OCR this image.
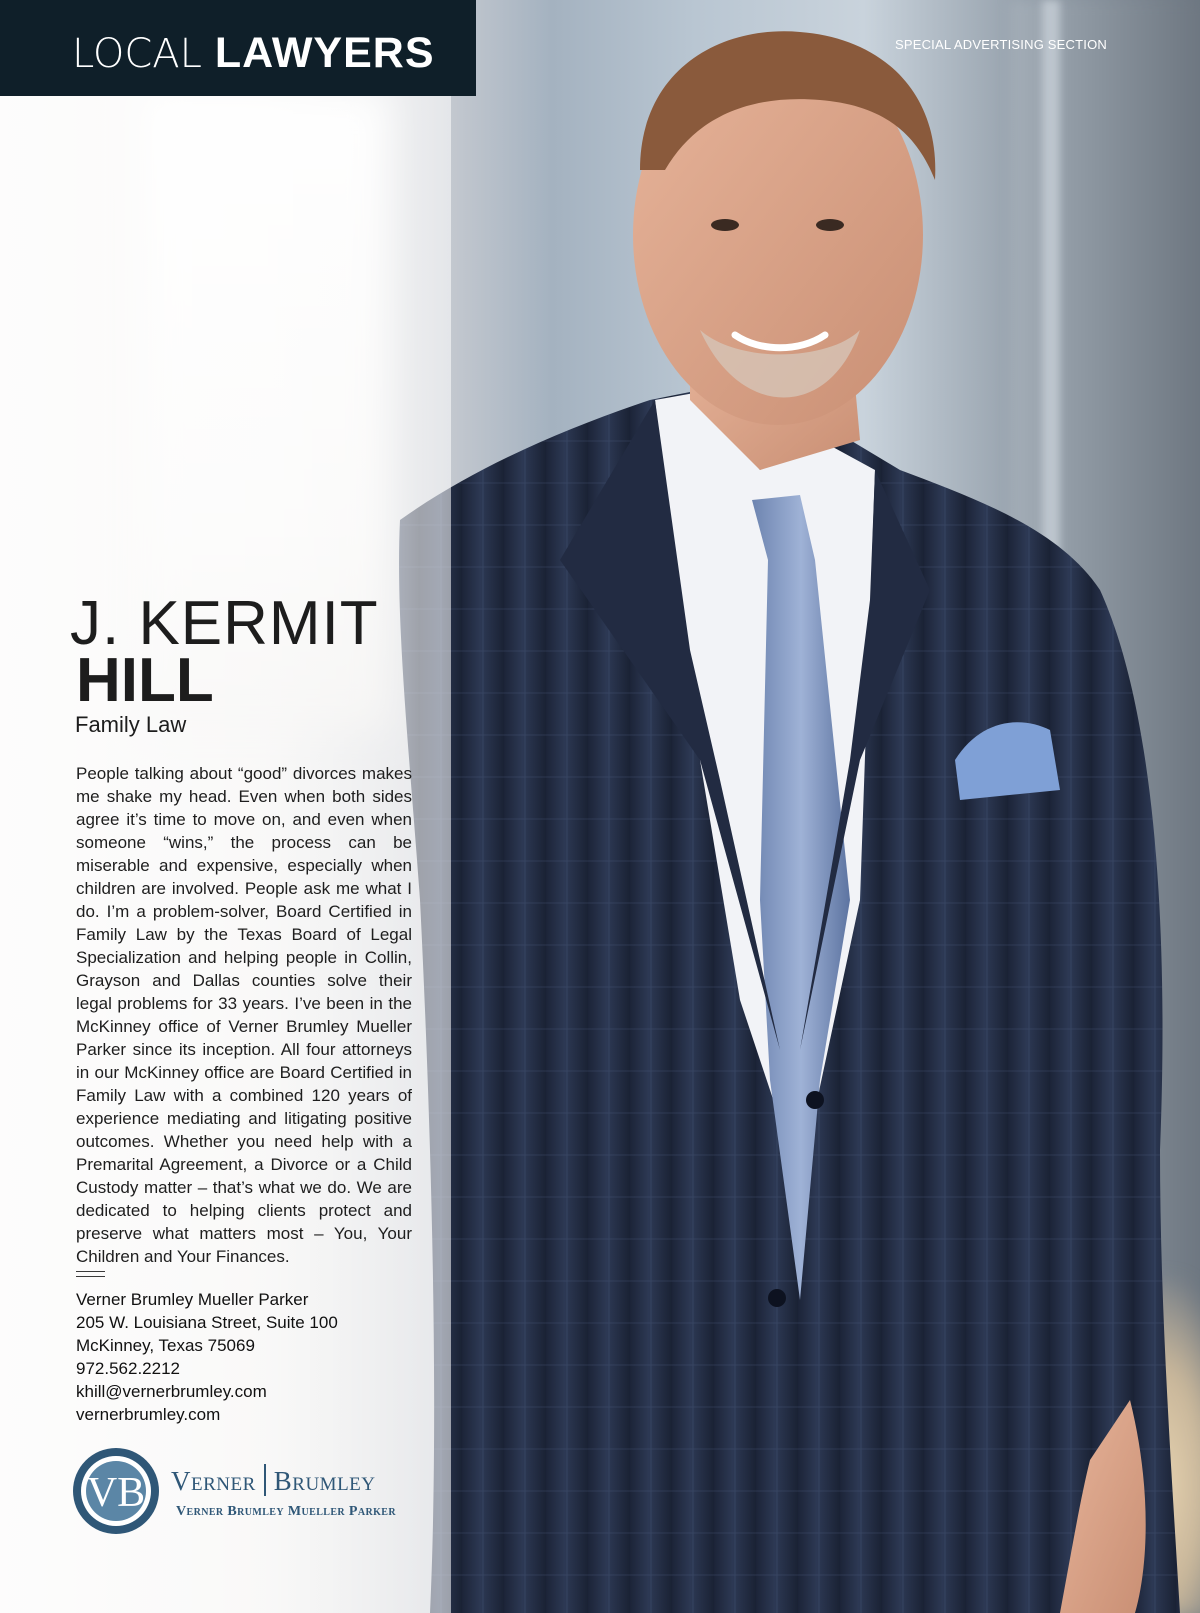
LOCAL LAWYERS	SPECIAL ADVERTISING SECTION
J. KERMIT
HILL
Family Law

People talking about “good” divorces makes me shake my head. Even when both sides agree it’s time to move on, and even when someone “wins,” the process can be miserable and expensive, especially when children are involved. People ask me what I do. I’m a problem-solver, Board Certified in Family Law by the Texas Board of Legal Specialization and helping people in Collin, Grayson and Dallas counties solve their legal problems for 33 years. I’ve been in the McKinney office of Verner Brumley Mueller Parker since its inception. All four attorneys in our McKinney office are Board Certified in Family Law with a combined 120 years of experience mediating and litigating positive outcomes. Whether you need help with a Premarital Agreement, a Divorce or a Child Custody matter – that’s what we do. We are dedicated to helping clients protect and preserve what matters most – You, Your Children and Your Finances.

Verner Brumley Mueller Parker
205 W. Louisiana Street, Suite 100
McKinney, Texas 75069
972.562.2212
khill@vernerbrumley.com
vernerbrumley.com
VB Verner Brumley
Verner Brumley Mueller Parker
